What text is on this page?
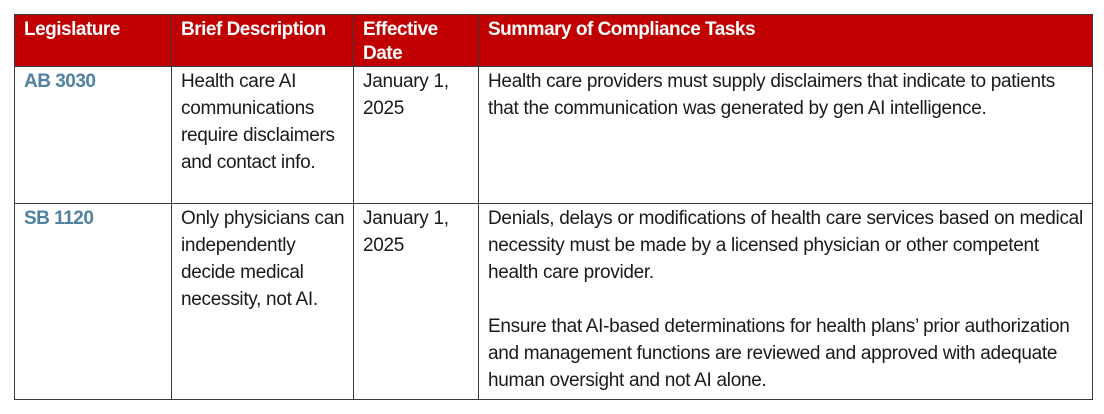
Legislature	Brief Description	Effective Date	Summary of Compliance Tasks
AB 3030	Health care AI communications require disclaimers and contact info.	January 1, 2025	Health care providers must supply disclaimers that indicate to patients that the communication was generated by gen AI intelligence.

SB 1120	Only physicians can independently decide medical necessity, not AI.	January 1, 2025	Denials, delays or modifications of health care services based on medical necessity must be made by a licensed physician or other competent health care provider.
Ensure that AI-based determinations for health plans’ prior authorization and management functions are reviewed and approved with adequate human oversight and not AI alone.
